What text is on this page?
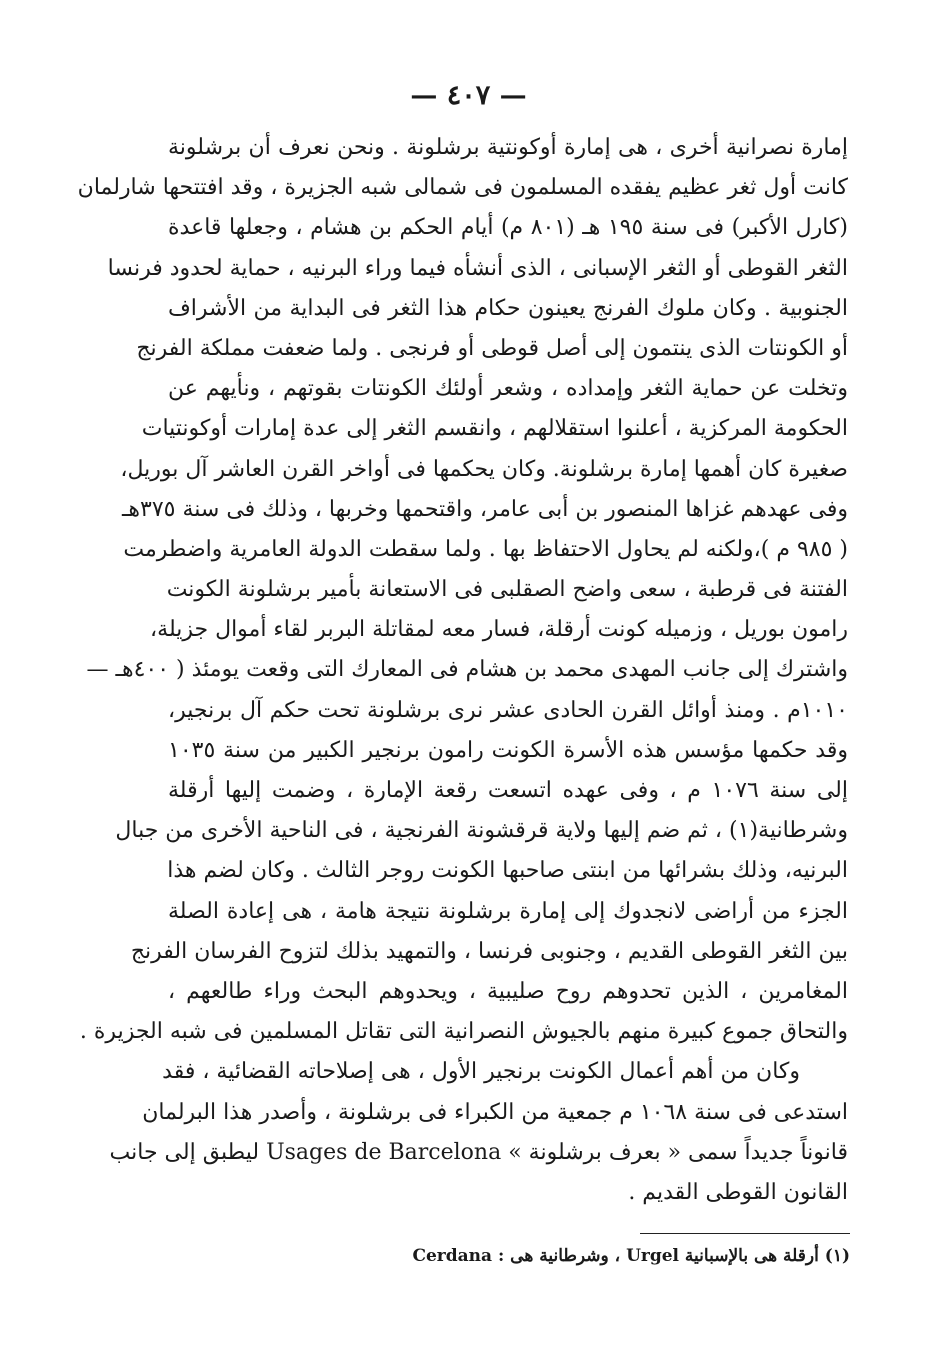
— ٤٠٧ —
إمارة نصرانية أخرى ، هى إمارة أوكونتية برشلونة . ونحن نعرف أن برشلونة
كانت أول ثغر عظيم يفقده المسلمون فى شمالى شبه الجزيرة ، وقد افتتحها شارلمان
(كارل الأكبر) فى سنة ١٩٥ هـ (٨٠١ م) أيام الحكم بن هشام ، وجعلها قاعدة
الثغر القوطى أو الثغر الإسبانى ، الذى أنشأه فيما وراء البرنيه ، حماية لحدود فرنسا
الجنوبية . وكان ملوك الفرنج يعينون حكام هذا الثغر فى البداية من الأشراف
أو الكونتات الذى ينتمون إلى أصل قوطى أو فرنجى . ولما ضعفت مملكة الفرنج
وتخلت عن حماية الثغر وإمداده ، وشعر أولئك الكونتات بقوتهم ، ونأيهم عن
الحكومة المركزية ، أعلنوا استقلالهم ، وانقسم الثغر إلى عدة إمارات أوكونتيات
صغيرة كان أهمها إمارة برشلونة. وكان يحكمها فى أواخر القرن العاشر آل بوريل،
وفى عهدهم غزاها المنصور بن أبى عامر، واقتحمها وخربها ، وذلك فى سنة ٣٧٥هـ
( ٩٨٥ م )،ولكنه لم يحاول الاحتفاظ بها . ولما سقطت الدولة العامرية واضطرمت
الفتنة فى قرطبة ، سعى واضح الصقلبى فى الاستعانة بأمير برشلونة الكونت
رامون بوريل ، وزميله كونت أرقلة، فسار معه لمقاتلة البربر لقاء أموال جزيلة،
واشترك إلى جانب المهدى محمد بن هشام فى المعارك التى وقعت يومئذ ( ٤٠٠هـ —
١٠١٠م . ومنذ أوائل القرن الحادى عشر نرى برشلونة تحت حكم آل برنجير،
وقد حكمها مؤسس هذه الأسرة الكونت رامون برنجير الكبير من سنة ١٠٣٥
إلى سنة ١٠٧٦ م ، وفى عهده اتسعت رقعة الإمارة ، وضمت إليها أرقلة
وشرطانية(١) ، ثم ضم إليها ولاية قرقشونة الفرنجية ، فى الناحية الأخرى من جبال
البرنيه، وذلك بشرائها من ابنتى صاحبها الكونت روجر الثالث . وكان لضم هذا
الجزء من أراضى لانجدوك إلى إمارة برشلونة نتيجة هامة ، هى إعادة الصلة
بين الثغر القوطى القديم ، وجنوبى فرنسا ، والتمهيد بذلك لتزوح الفرسان الفرنج
المغامرين ، الذين تحدوهم روح صليبية ، ويحدوهم البحث وراء طالعهم ،
والتحاق جموع كبيرة منهم بالجيوش النصرانية التى تقاتل المسلمين فى شبه الجزيرة .
وكان من أهم أعمال الكونت برنجير الأول ، هى إصلاحاته القضائية ، فقد
استدعى فى سنة ١٠٦٨ م جمعية من الكبراء فى برشلونة ، وأصدر هذا البرلمان
قانوناً جديداً سمى « بعرف برشلونة » Usages de Barcelona ليطبق إلى جانب
القانون القوطى القديم .
(١) أرقلة هى بالإسبانية Urgel ، وشرطانية هى : Cerdana
